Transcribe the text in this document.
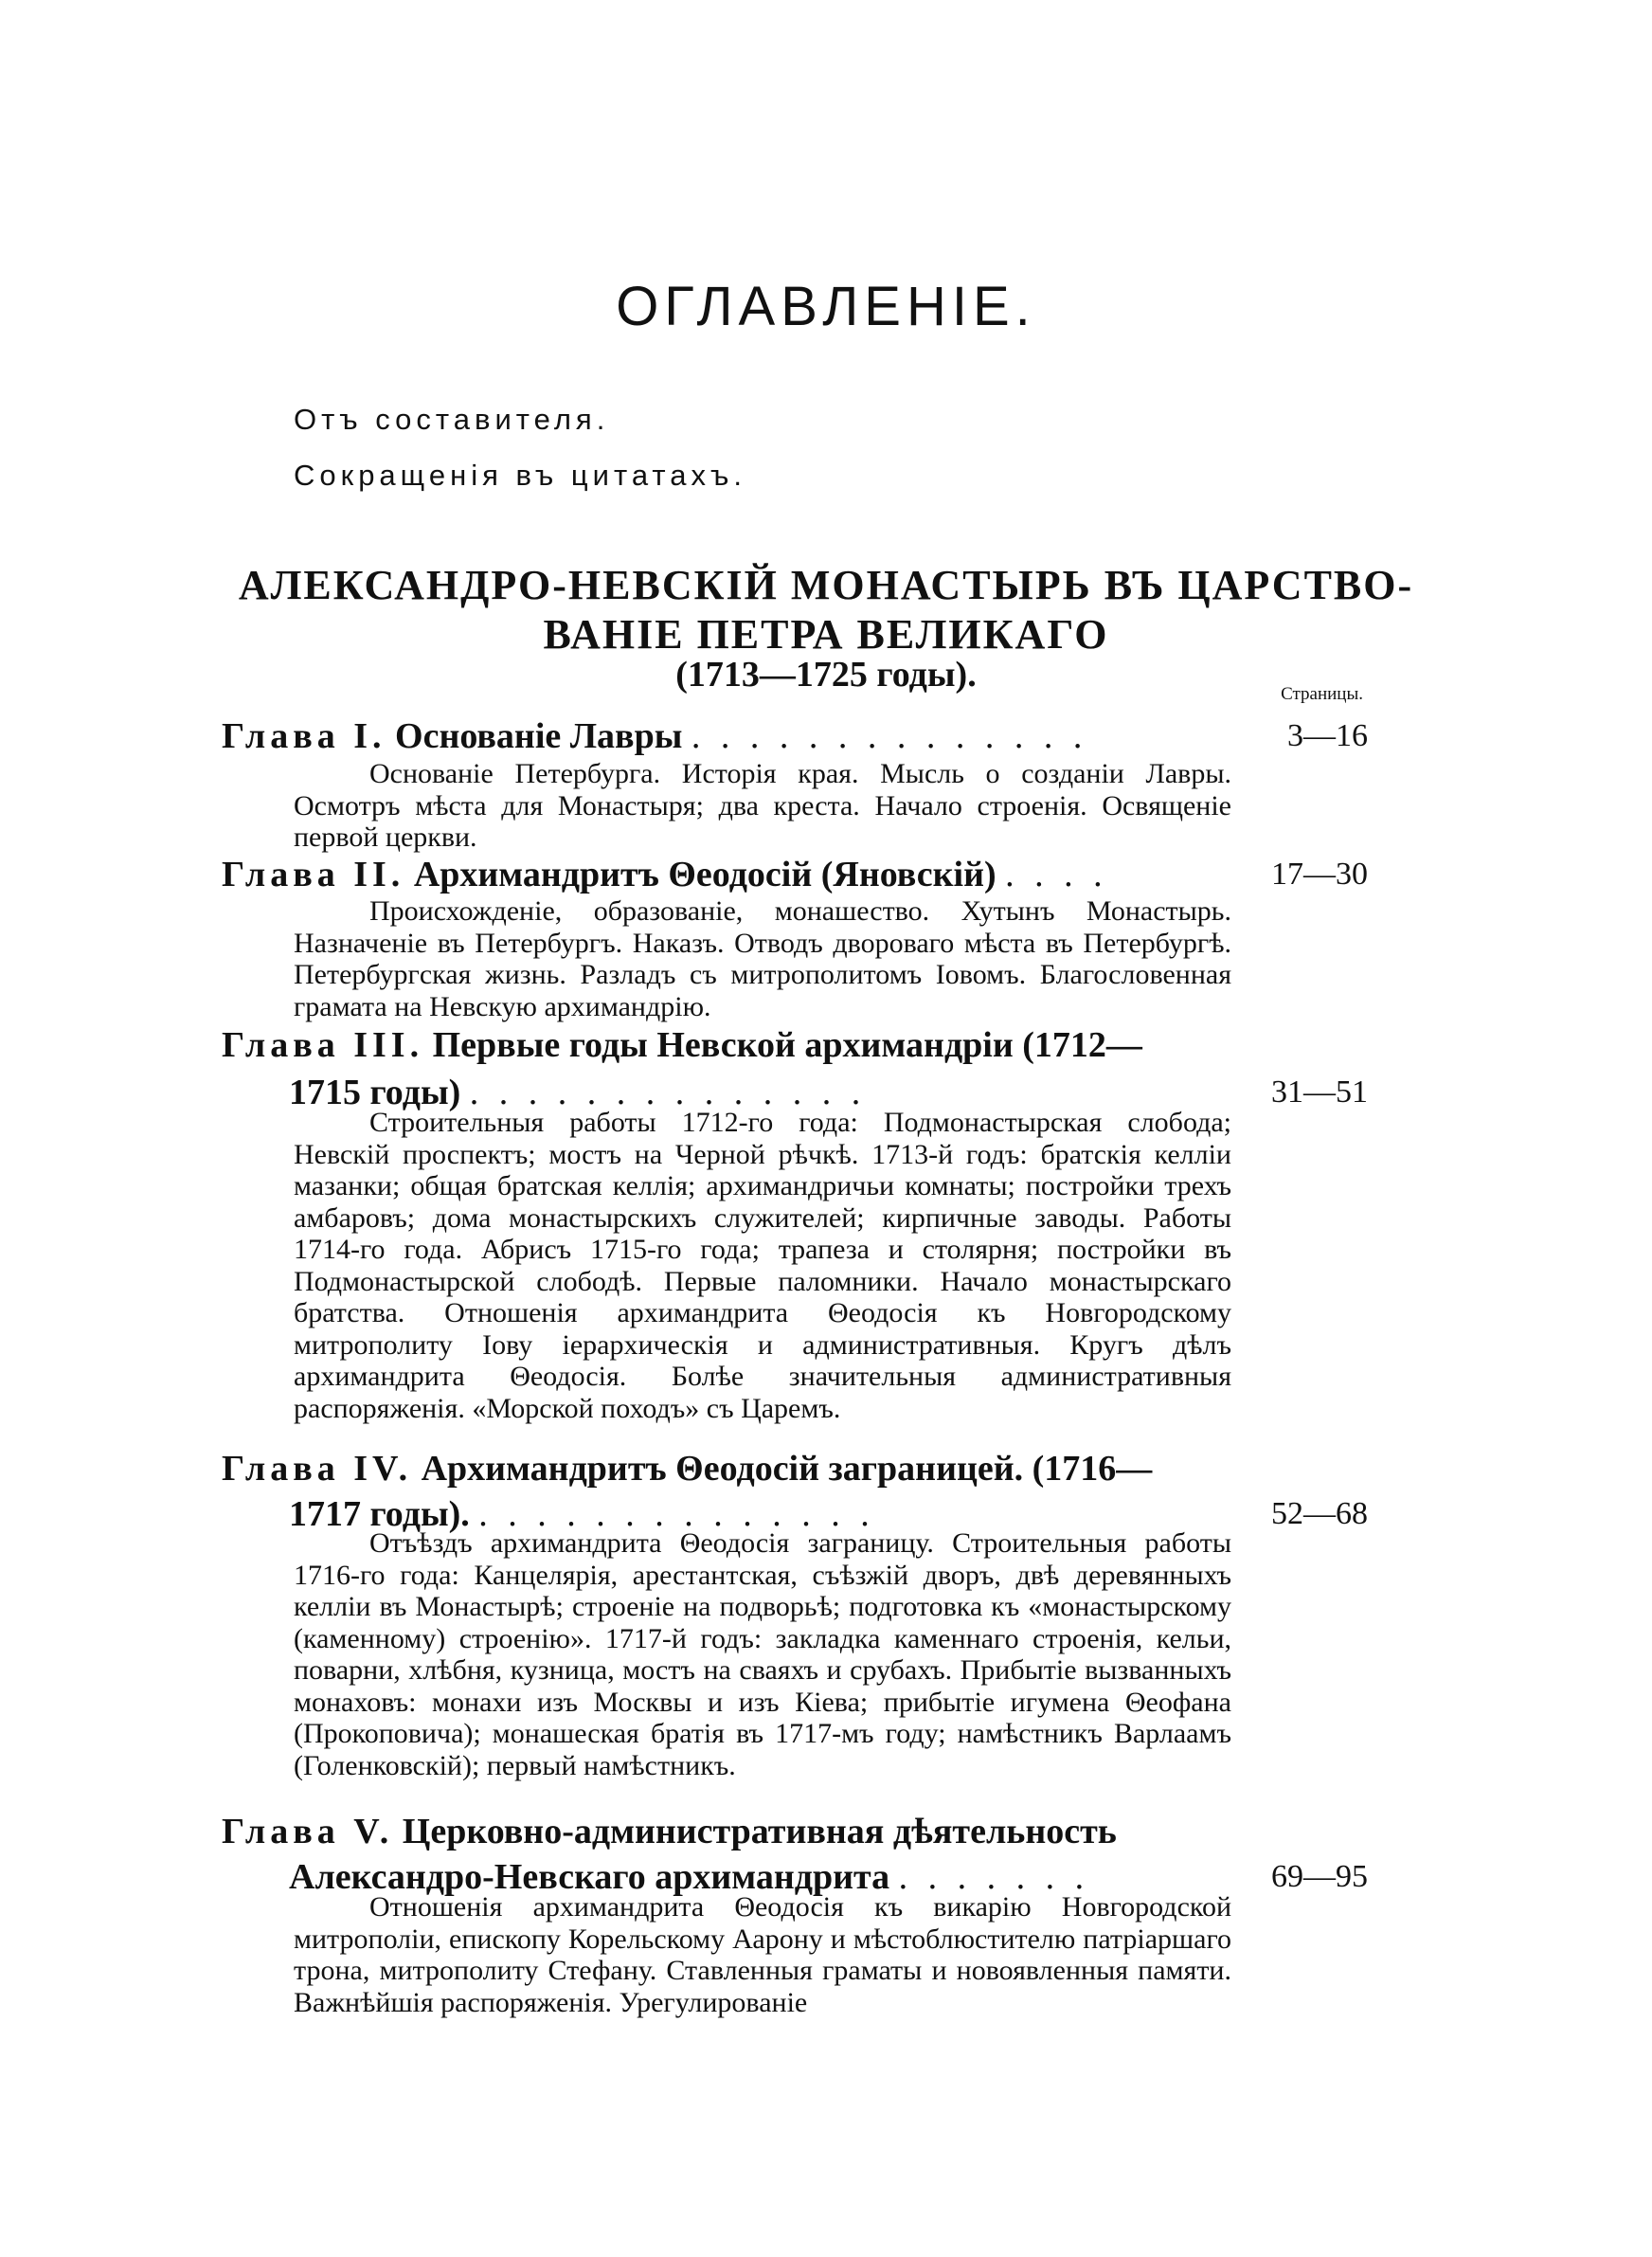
ОГЛАВЛЕНІЕ.
Отъ составителя.
Сокращенія въ цитатахъ.
АЛЕКСАНДРО-НЕВСКІЙ МОНАСТЫРЬ ВЪ ЦАРСТВО-
ВАНІЕ ПЕТРА ВЕЛИКАГО
(1713—1725 годы).	Страницы.
Глава I. Основаніе Лавры . . . . . . . . . . . . . .	3—16
Основаніе Петербурга. Исторія края. Мысль о созданіи Лавры. Осмотръ мѣста для Монастыря; два креста. Начало строенія. Освященіе первой церкви.
Глава II. Архимандритъ Θеодосій (Яновскій) . . . .	17—30
Происхожденіе, образованіе, монашество. Хутынъ Монастырь. Назначеніе въ Петербургъ. Наказъ. Отводъ двороваго мѣста въ Петербургѣ. Петербургская жизнь. Разладъ съ митрополитомъ Іовомъ. Благословенная грамата на Невскую архимандрію.
Глава III. Первые годы Невской архимандріи (1712—
1715 годы) . . . . . . . . . . . . . .	31—51
Строительныя работы 1712-го года: Подмонастырская слобода; Невскій проспектъ; мостъ на Черной рѣчкѣ. 1713-й годъ: братскія келліи мазанки; общая братская келлія; архимандричьи комнаты; постройки трехъ амбаровъ; дома монастырскихъ служителей; кирпичные заводы. Работы 1714-го года. Абрисъ 1715-го года; трапеза и столярня; постройки въ Подмонастырской слободѣ. Первые паломники. Начало монастырскаго братства. Отношенія архимандрита Θеодосія къ Новгородскому митрополиту Іову іерархическія и административныя. Кругъ дѣлъ архимандрита Θеодосія. Болѣе значительныя административныя распоряженія. «Морской походъ» съ Царемъ.
Глава IV. Архимандритъ Θеодосій заграницей. (1716—
1717 годы). . . . . . . . . . . . . . .	52—68
Отъѣздъ архимандрита Θеодосія заграницу. Строительныя работы 1716-го года: Канцелярія, арестантская, съѣзжій дворъ, двѣ деревянныхъ келліи въ Монастырѣ; строеніе на подворьѣ; подготовка къ «монастырскому (каменному) строенію». 1717-й годъ: закладка каменнаго строенія, кельи, поварни, хлѣбня, кузница, мостъ на сваяхъ и срубахъ. Прибытіе вызванныхъ монаховъ: монахи изъ Москвы и изъ Кіева; прибытіе игумена Θеофана (Прокоповича); монашеская братія въ 1717-мъ году; намѣстникъ Варлаамъ (Голенковскій); первый намѣстникъ.
Глава V. Церковно-административная дѣятельность
Александро-Невскаго архимандрита . . . . . . .	69—95
Отношенія архимандрита Θеодосія къ викарію Новгородской митрополіи, епископу Корельскому Аарону и мѣстоблюстителю патріаршаго трона, митрополиту Стефану. Ставленныя граматы и новоявленныя памяти. Важнѣйшія распоряженія. Урегулированіе
